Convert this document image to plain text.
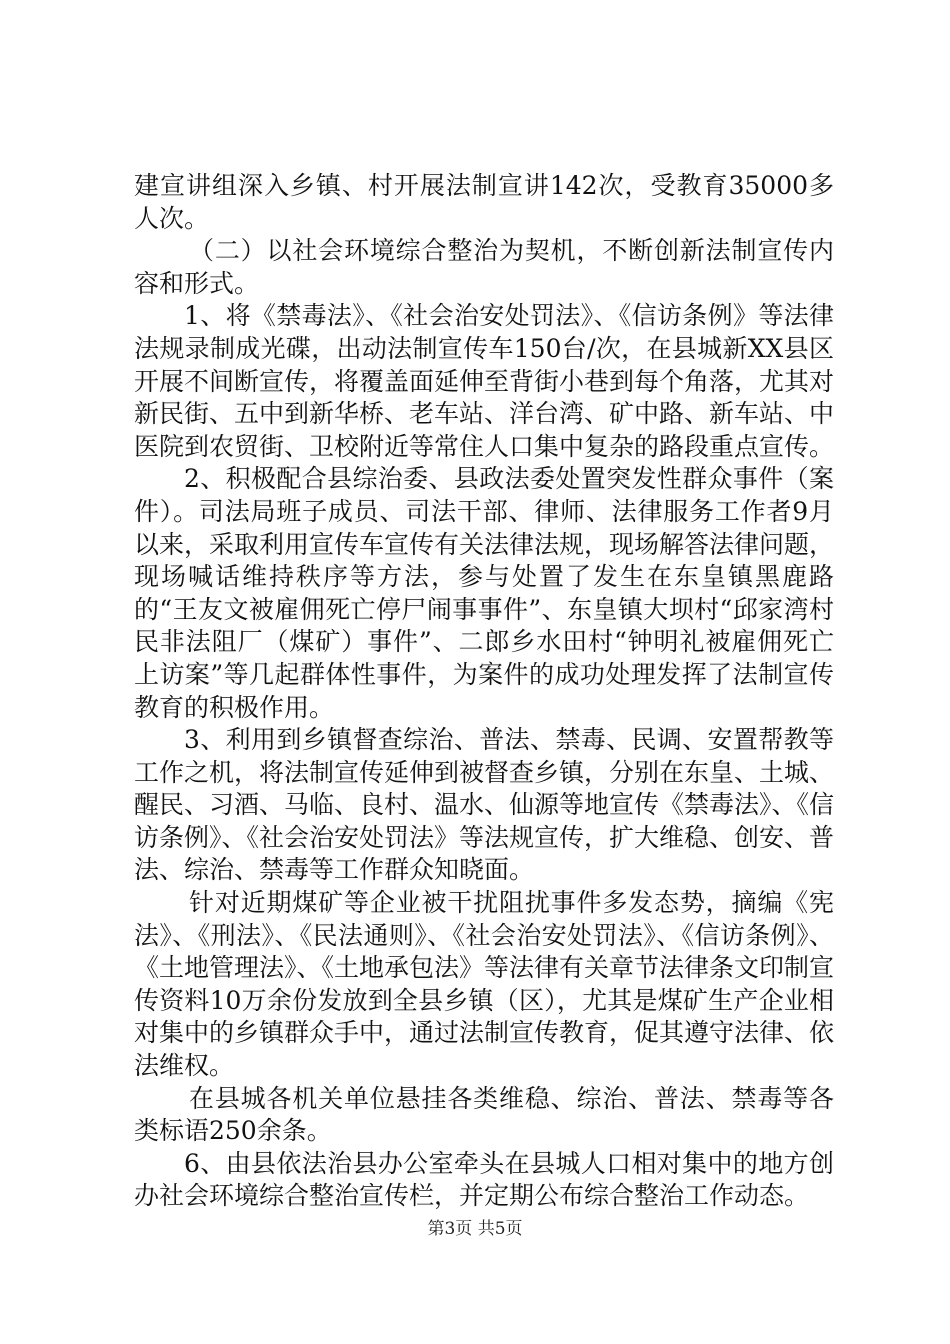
建宣讲组深入乡镇、村开展法制宣讲142次，受教育35000多人次。

（二）以社会环境综合整治为契机，不断创新法制宣传内容和形式。

1、将《禁毒法》、《社会治安处罚法》、《信访条例》等法律法规录制成光碟，出动法制宣传车150台/次，在县城新XX县区开展不间断宣传，将覆盖面延伸至背街小巷到每个角落，尤其对新民街、五中到新华桥、老车站、洋台湾、矿中路、新车站、中医院到农贸街、卫校附近等常住人口集中复杂的路段重点宣传。

2、积极配合县综治委、县政法委处置突发性群众事件（案件）。司法局班子成员、司法干部、律师、法律服务工作者9月以来，采取利用宣传车宣传有关法律法规，现场解答法律问题，现场喊话维持秩序等方法，参与处置了发生在东皇镇黑鹿路的“王友文被雇佣死亡停尸闹事事件”、东皇镇大坝村“邱家湾村民非法阻厂（煤矿）事件”、二郎乡水田村“钟明礼被雇佣死亡上访案”等几起群体性事件，为案件的成功处理发挥了法制宣传教育的积极作用。

3、利用到乡镇督查综治、普法、禁毒、民调、安置帮教等工作之机，将法制宣传延伸到被督查乡镇，分别在东皇、土城、醒民、习酒、马临、良村、温水、仙源等地宣传《禁毒法》、《信访条例》、《社会治安处罚法》等法规宣传，扩大维稳、创安、普法、综治、禁毒等工作群众知晓面。

针对近期煤矿等企业被干扰阻扰事件多发态势，摘编《宪法》、《刑法》、《民法通则》、《社会治安处罚法》、《信访条例》、《土地管理法》、《土地承包法》等法律有关章节法律条文印制宣传资料10万余份发放到全县乡镇（区），尤其是煤矿生产企业相对集中的乡镇群众手中，通过法制宣传教育，促其遵守法律、依法维权。

在县城各机关单位悬挂各类维稳、综治、普法、禁毒等各类标语250余条。

6、由县依法治县办公室牵头在县城人口相对集中的地方创办社会环境综合整治宣传栏，并定期公布综合整治工作动态。

第3页 共5页
